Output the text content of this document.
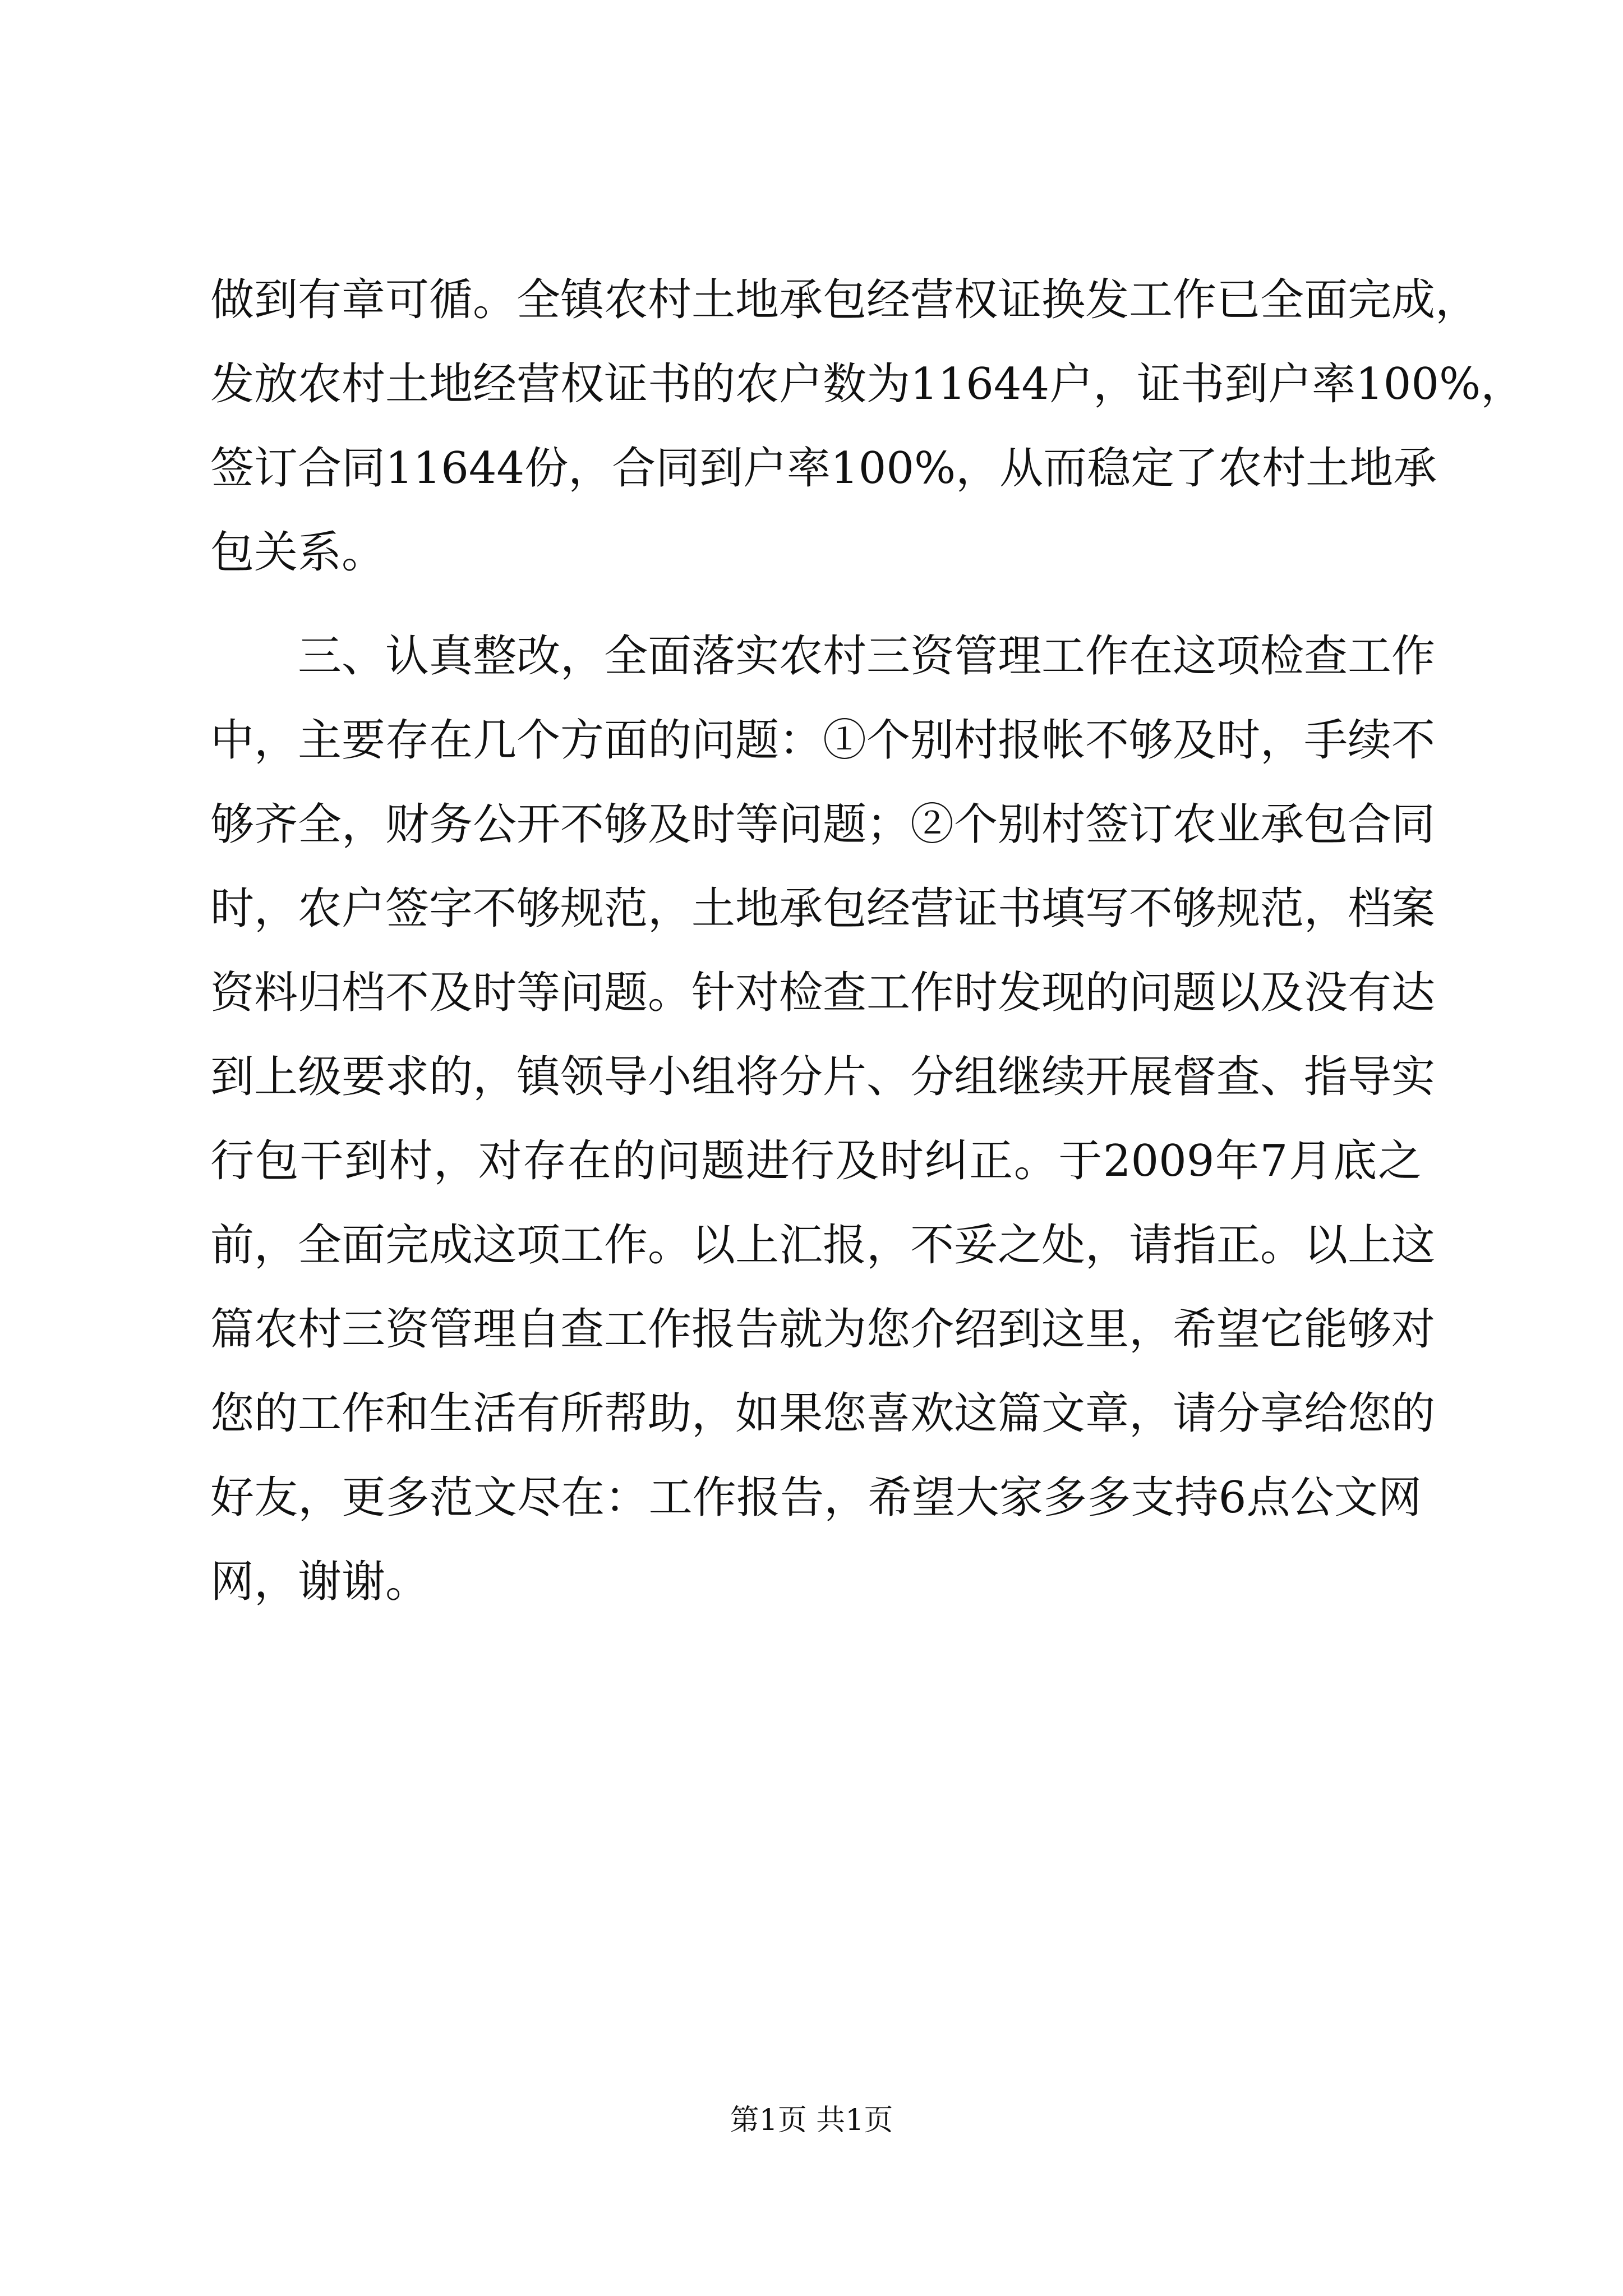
做到有章可循。全镇农村土地承包经营权证换发工作已全面完成，
发放农村土地经营权证书的农户数为11644户，证书到户率100%，
签订合同11644份，合同到户率100%，从而稳定了农村土地承
包关系。
三、认真整改，全面落实农村三资管理工作在这项检查工作
中，主要存在几个方面的问题：①个别村报帐不够及时，手续不
够齐全，财务公开不够及时等问题；②个别村签订农业承包合同
时，农户签字不够规范，土地承包经营证书填写不够规范，档案
资料归档不及时等问题。针对检查工作时发现的问题以及没有达
到上级要求的，镇领导小组将分片、分组继续开展督查、指导实
行包干到村，对存在的问题进行及时纠正。于2009年7月底之
前，全面完成这项工作。以上汇报，不妥之处，请指正。以上这
篇农村三资管理自查工作报告就为您介绍到这里，希望它能够对
您的工作和生活有所帮助，如果您喜欢这篇文章，请分享给您的
好友，更多范文尽在：工作报告，希望大家多多支持6点公文网
网，谢谢。
第1页 共1页
